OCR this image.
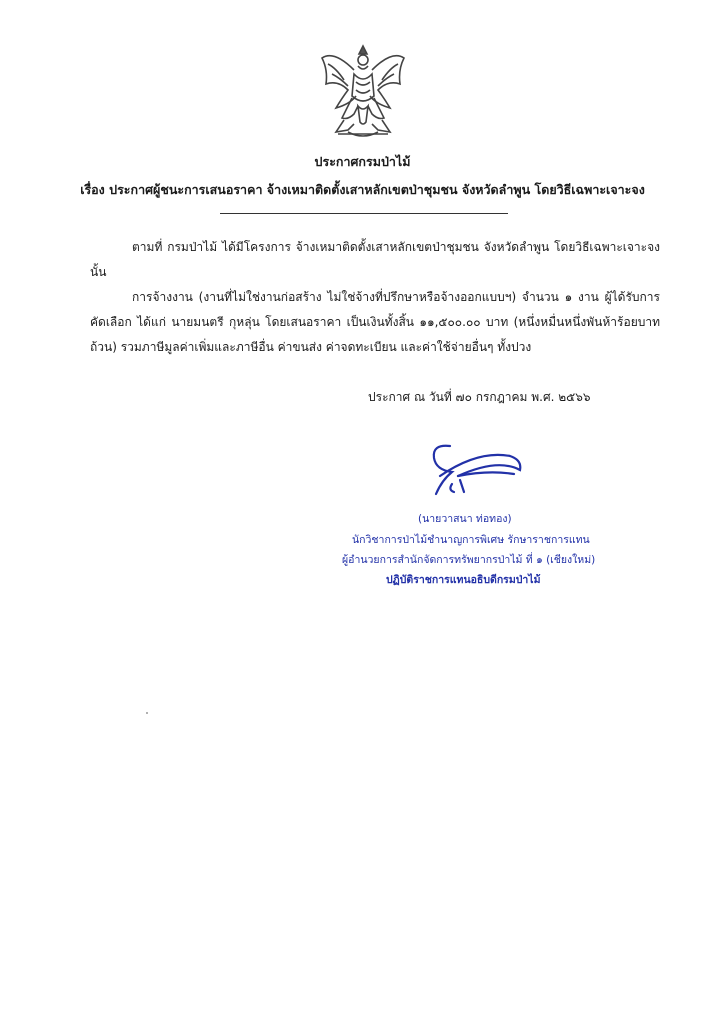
ประกาศกรมป่าไม้
เรื่อง ประกาศผู้ชนะการเสนอราคา จ้างเหมาติดตั้งเสาหลักเขตป่าชุมชน จังหวัดลำพูน โดยวิธีเฉพาะเจาะจง
ตามที่ กรมป่าไม้ ได้มีโครงการ จ้างเหมาติดตั้งเสาหลักเขตป่าชุมชน จังหวัดลำพูน โดยวิธีเฉพาะเจาะจง นั้น
การจ้างงาน (งานที่ไม่ใช่งานก่อสร้าง ไม่ใช่จ้างที่ปรึกษาหรือจ้างออกแบบฯ) จำนวน ๑ งาน ผู้ได้รับการคัดเลือก ได้แก่ นายมนตรี กุหลุ่น โดยเสนอราคา เป็นเงินทั้งสิ้น ๑๑,๕๐๐.๐๐ บาท (หนึ่งหมื่นหนึ่งพันห้าร้อยบาทถ้วน) รวมภาษีมูลค่าเพิ่มและภาษีอื่น ค่าขนส่ง ค่าจดทะเบียน และค่าใช้จ่ายอื่นๆ ทั้งปวง
ประกาศ ณ วันที่ ๗๐ กรกฎาคม พ.ศ. ๒๕๖๖
(นายวาสนา ท่อทอง)
นักวิชาการป่าไม้ชำนาญการพิเศษ รักษาราชการแทน
ผู้อำนวยการสำนักจัดการทรัพยากรป่าไม้ ที่ ๑ (เชียงใหม่)
ปฏิบัติราชการแทนอธิบดีกรมป่าไม้
